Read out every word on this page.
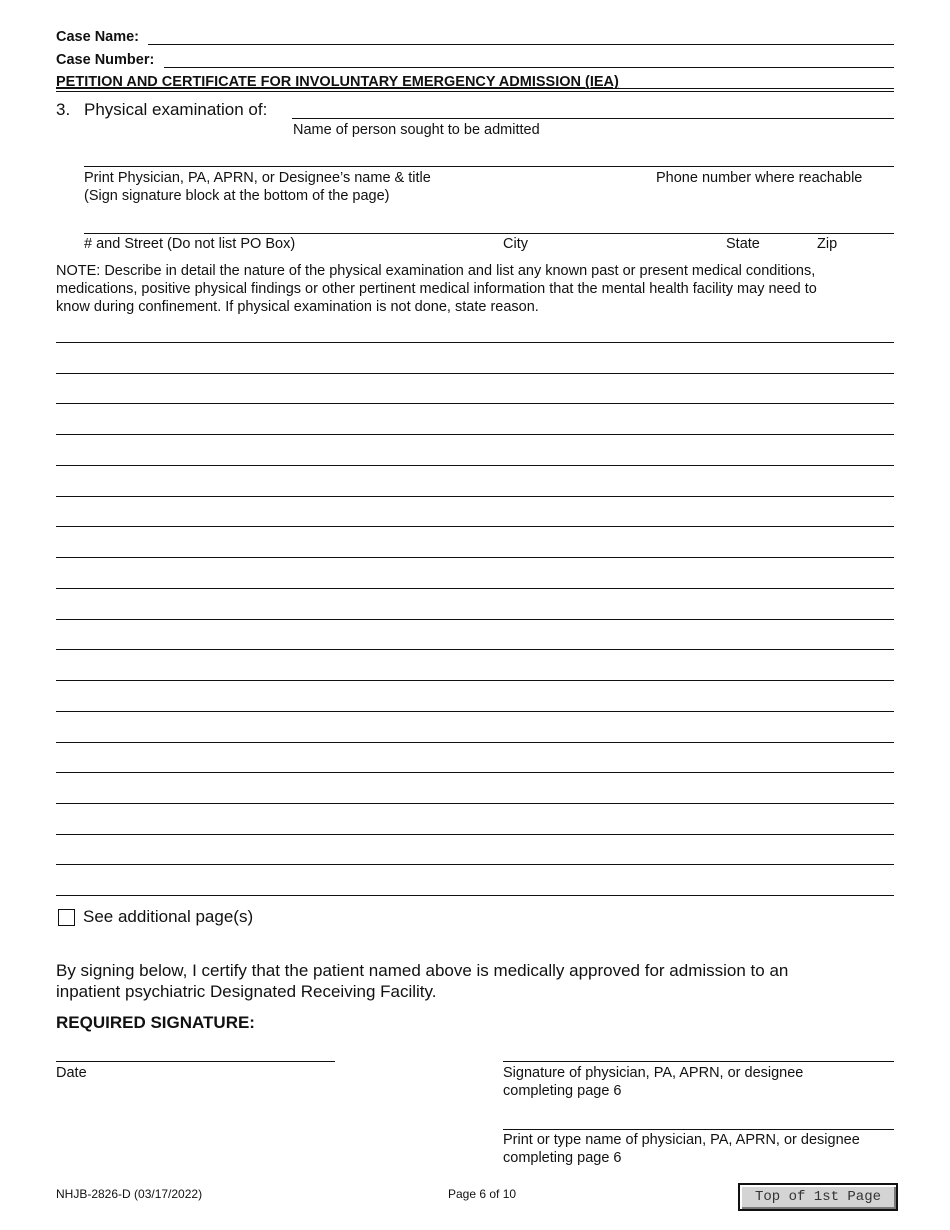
Case Name:
Case Number:
PETITION AND CERTIFICATE FOR INVOLUNTARY EMERGENCY ADMISSION (IEA)
3. Physical examination of:
Name of person sought to be admitted
Print Physician, PA, APRN, or Designee’s name & title
(Sign signature block at the bottom of the page)
Phone number where reachable
# and Street (Do not list PO Box)	City	State	Zip
NOTE: Describe in detail the nature of the physical examination and list any known past or present medical conditions,
medications, positive physical findings or other pertinent medical information that the mental health facility may need to
know during confinement. If physical examination is not done, state reason.
See additional page(s)
By signing below, I certify that the patient named above is medically approved for admission to an
inpatient psychiatric Designated Receiving Facility.
REQUIRED SIGNATURE:
Date	Signature of physician, PA, APRN, or designee
completing page 6
Print or type name of physician, PA, APRN, or designee
completing page 6
NHJB-2826-D (03/17/2022)	Page 6 of 10	Top of 1st Page
